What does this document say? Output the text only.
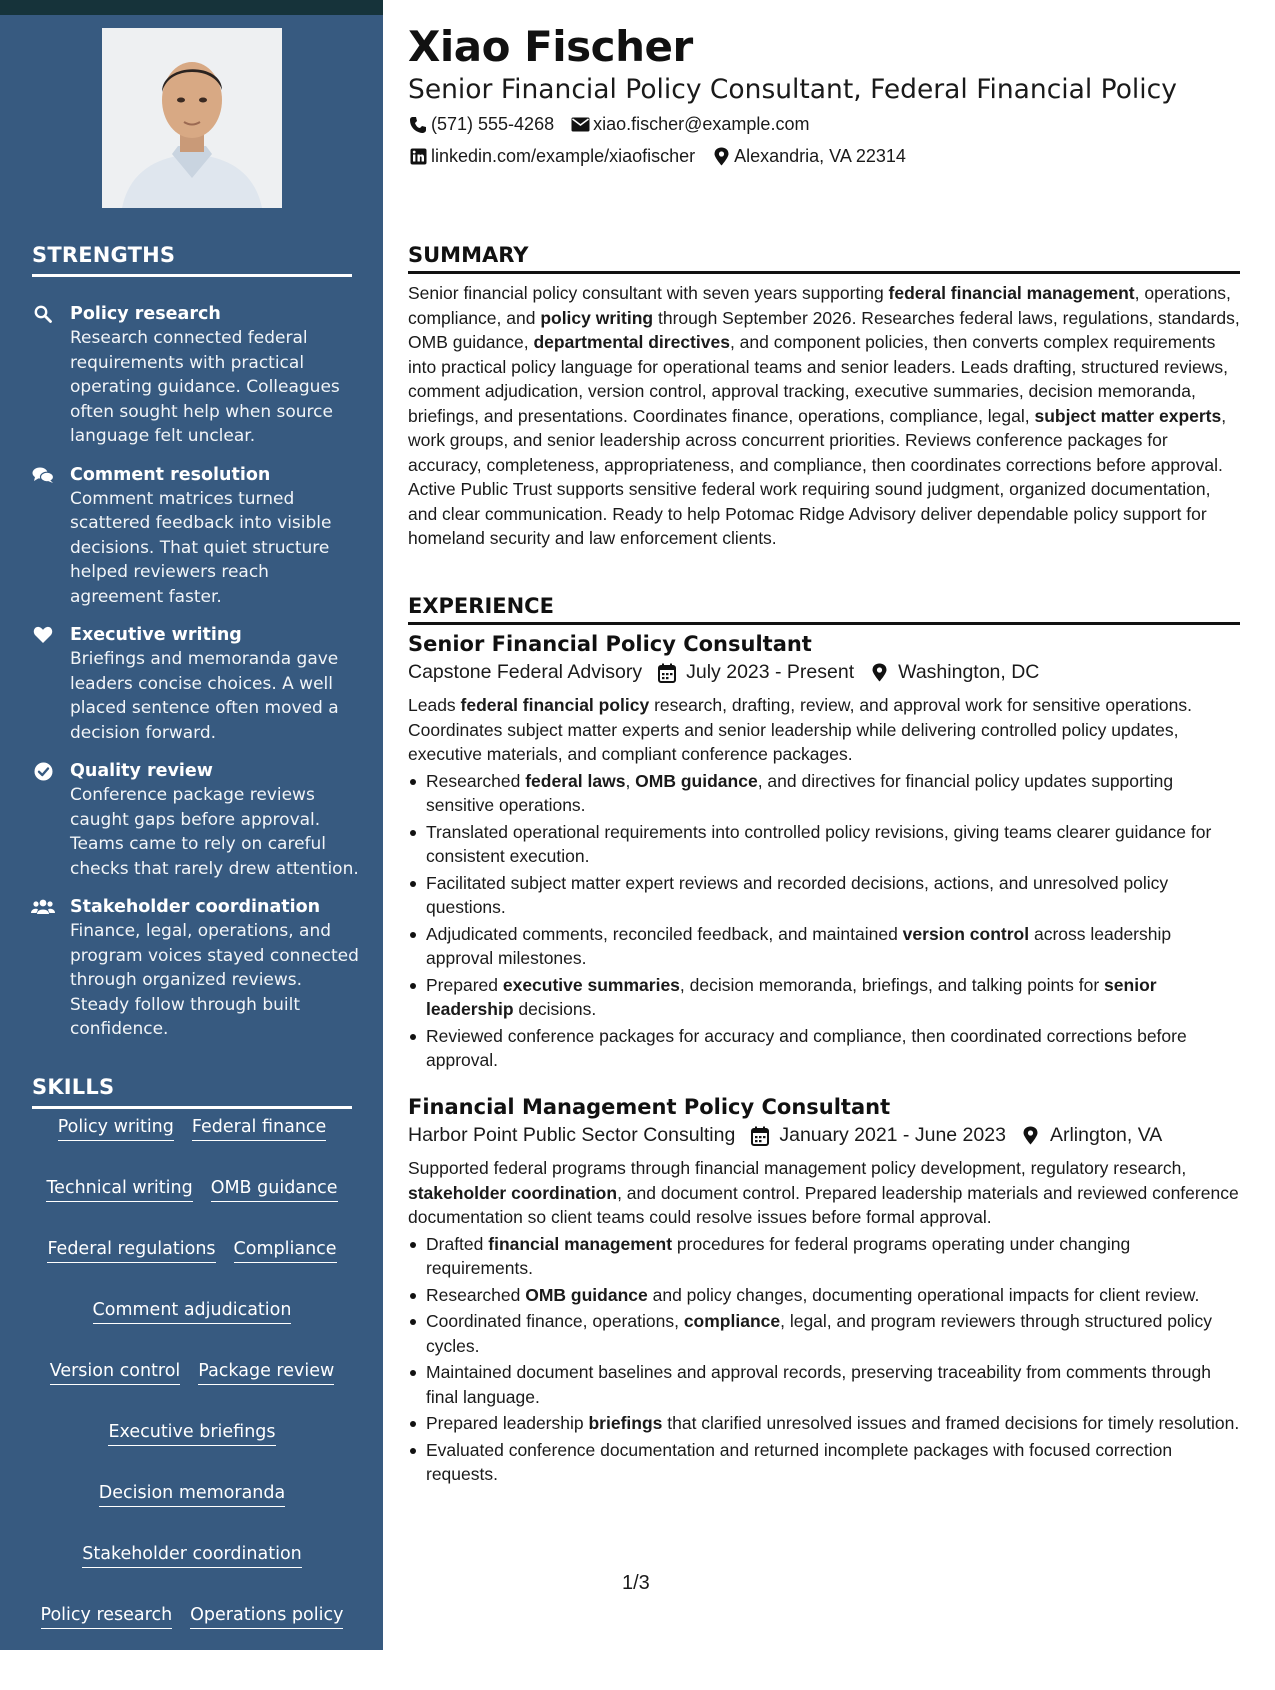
STRENGTHS
Policy research
Research connected federal requirements with practical operating guidance. Colleagues often sought help when source language felt unclear.
Comment resolution
Comment matrices turned scattered feedback into visible decisions. That quiet structure helped reviewers reach agreement faster.
Executive writing
Briefings and memoranda gave leaders concise choices. A well placed sentence often moved a decision forward.
Quality review
Conference package reviews caught gaps before approval. Teams came to rely on careful checks that rarely drew attention.
Stakeholder coordination
Finance, legal, operations, and program voices stayed connected through organized reviews. Steady follow through built confidence.
SKILLS
Policy writing Federal finance
Technical writing OMB guidance
Federal regulations Compliance
Comment adjudication
Version control Package review
Executive briefings
Decision memoranda
Stakeholder coordination
Policy research Operations policy
Quality review
Xiao Fischer
Senior Financial Policy Consultant, Federal Financial Policy
(571) 555-4268 xiao.fischer@example.com
linkedin.com/example/xiaofischer Alexandria, VA 22314
SUMMARY

Senior financial policy consultant with seven years supporting federal financial management, operations, compliance, and policy writing through September 2026. Researches federal laws, regulations, standards, OMB guidance, departmental directives, and component policies, then converts complex requirements into practical policy language for operational teams and senior leaders. Leads drafting, structured reviews, comment adjudication, version control, approval tracking, executive summaries, decision memoranda, briefings, and presentations. Coordinates finance, operations, compliance, legal, subject matter experts, work groups, and senior leadership across concurrent priorities. Reviews conference packages for accuracy, completeness, appropriateness, and compliance, then coordinates corrections before approval. Active Public Trust supports sensitive federal work requiring sound judgment, organized documentation, and clear communication. Ready to help Potomac Ridge Advisory deliver dependable policy support for homeland security and law enforcement clients.

EXPERIENCE
Senior Financial Policy Consultant
Capstone Federal Advisory July 2023 - Present Washington, DC

Leads federal financial policy research, drafting, review, and approval work for sensitive operations. Coordinates subject matter experts and senior leadership while delivering controlled policy updates, executive materials, and compliant conference packages.

Researched federal laws, OMB guidance, and directives for financial policy updates supporting sensitive operations.
Translated operational requirements into controlled policy revisions, giving teams clearer guidance for consistent execution.
Facilitated subject matter expert reviews and recorded decisions, actions, and unresolved policy questions.
Adjudicated comments, reconciled feedback, and maintained version control across leadership approval milestones.
Prepared executive summaries, decision memoranda, briefings, and talking points for senior leadership decisions.
Reviewed conference packages for accuracy and compliance, then coordinated corrections before approval.
Financial Management Policy Consultant
Harbor Point Public Sector Consulting January 2021 - June 2023 Arlington, VA

Supported federal programs through financial management policy development, regulatory research, stakeholder coordination, and document control. Prepared leadership materials and reviewed conference documentation so client teams could resolve issues before formal approval.

Drafted financial management procedures for federal programs operating under changing requirements.
Researched OMB guidance and policy changes, documenting operational impacts for client review.
Coordinated finance, operations, compliance, legal, and program reviewers through structured policy cycles.
Maintained document baselines and approval records, preserving traceability from comments through final language.
Prepared leadership briefings that clarified unresolved issues and framed decisions for timely resolution.
Evaluated conference documentation and returned incomplete packages with focused correction requests.
1/3
